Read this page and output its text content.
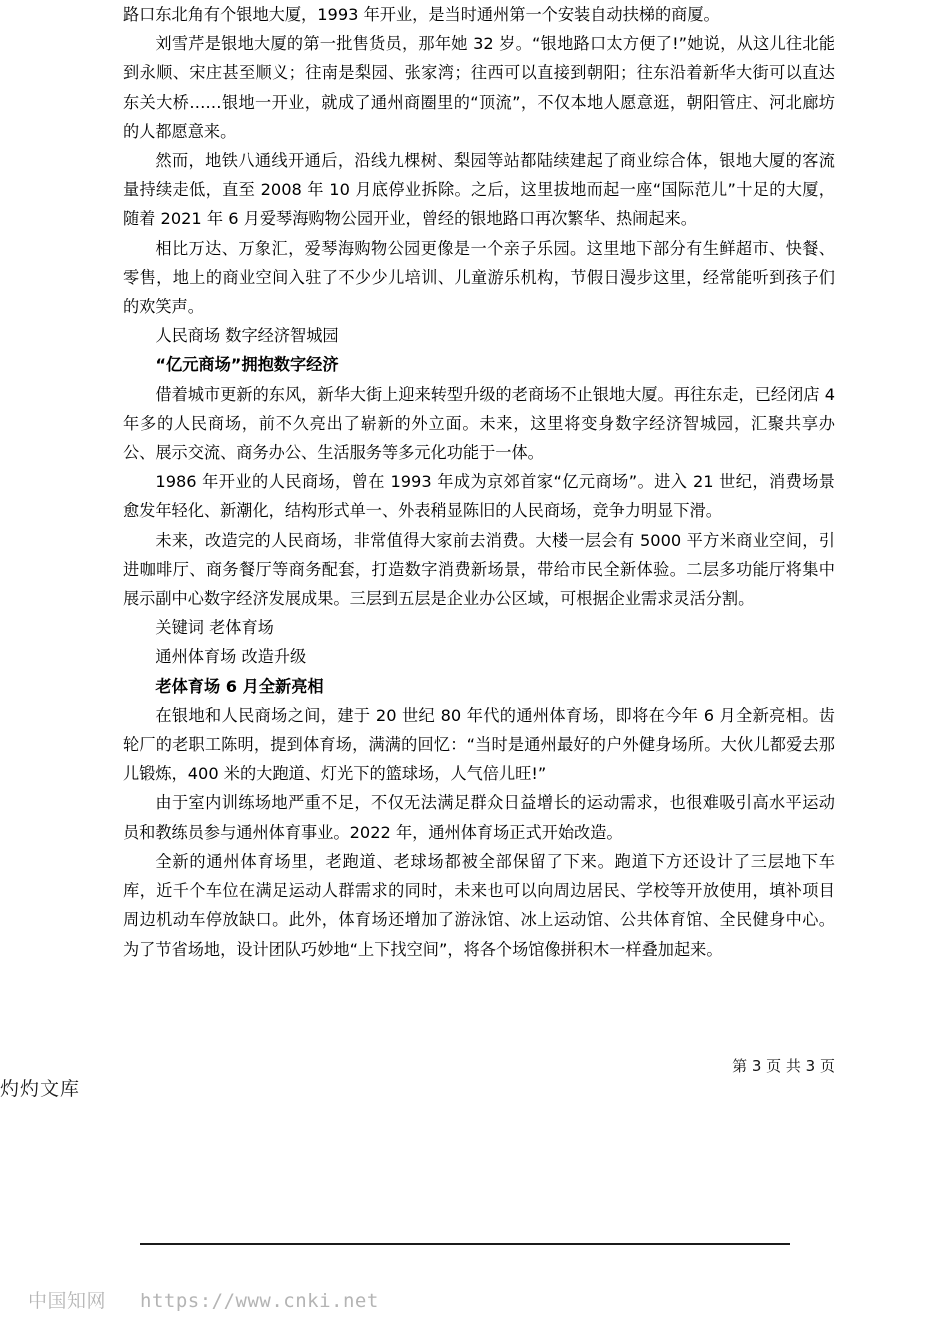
路口东北角有个银地大厦，1993 年开业，是当时通州第一个安装自动扶梯的商厦。

刘雪芹是银地大厦的第一批售货员，那年她 32 岁。“银地路口太方便了!”她说，从这儿往北能到永顺、宋庄甚至顺义；往南是梨园、张家湾；往西可以直接到朝阳；往东沿着新华大街可以直达东关大桥……银地一开业，就成了通州商圈里的“顶流”，不仅本地人愿意逛，朝阳管庄、河北廊坊的人都愿意来。

然而，地铁八通线开通后，沿线九棵树、梨园等站都陆续建起了商业综合体，银地大厦的客流量持续走低，直至 2008 年 10 月底停业拆除。之后，这里拔地而起一座“国际范儿”十足的大厦，随着 2021 年 6 月爱琴海购物公园开业，曾经的银地路口再次繁华、热闹起来。

相比万达、万象汇，爱琴海购物公园更像是一个亲子乐园。这里地下部分有生鲜超市、快餐、零售，地上的商业空间入驻了不少少儿培训、儿童游乐机构，节假日漫步这里，经常能听到孩子们的欢笑声。

人民商场 数字经济智城园

“亿元商场”拥抱数字经济

借着城市更新的东风，新华大街上迎来转型升级的老商场不止银地大厦。再往东走，已经闭店 4 年多的人民商场，前不久亮出了崭新的外立面。未来，这里将变身数字经济智城园，汇聚共享办公、展示交流、商务办公、生活服务等多元化功能于一体。

1986 年开业的人民商场，曾在 1993 年成为京郊首家“亿元商场”。进入 21 世纪，消费场景愈发年轻化、新潮化，结构形式单一、外表稍显陈旧的人民商场，竞争力明显下滑。

未来，改造完的人民商场，非常值得大家前去消费。大楼一层会有 5000 平方米商业空间，引进咖啡厅、商务餐厅等商务配套，打造数字消费新场景，带给市民全新体验。二层多功能厅将集中展示副中心数字经济发展成果。三层到五层是企业办公区域，可根据企业需求灵活分割。

关键词 老体育场

通州体育场 改造升级

老体育场 6 月全新亮相

在银地和人民商场之间，建于 20 世纪 80 年代的通州体育场，即将在今年 6 月全新亮相。齿轮厂的老职工陈明，提到体育场，满满的回忆：“当时是通州最好的户外健身场所。大伙儿都爱去那儿锻炼，400 米的大跑道、灯光下的篮球场，人气倍儿旺!”

由于室内训练场地严重不足，不仅无法满足群众日益增长的运动需求，也很难吸引高水平运动员和教练员参与通州体育事业。2022 年，通州体育场正式开始改造。

全新的通州体育场里，老跑道、老球场都被全部保留了下来。跑道下方还设计了三层地下车库，近千个车位在满足运动人群需求的同时，未来也可以向周边居民、学校等开放使用，填补项目周边机动车停放缺口。此外，体育场还增加了游泳馆、冰上运动馆、公共体育馆、全民健身中心。为了节省场地，设计团队巧妙地“上下找空间”，将各个场馆像拼积木一样叠加起来。

第 3 页 共 3 页
灼灼文库
中国知网 https://www.cnki.net
